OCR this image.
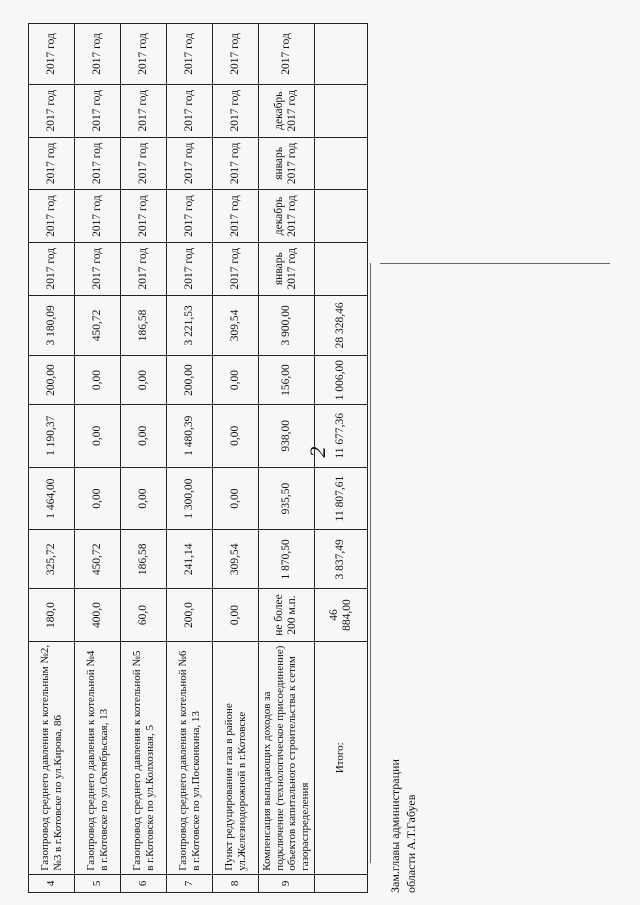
2
4	Газопровод среднего давления к котельным №2, №3 в г.Котовске по ул.Кирова, 86	180,0	325,72	1 464,00	1 190,37	200,00	3 180,09	2017 год	2017 год	2017 год	2017 год	2017 год
5	Газопровод среднего давления к котельной №4 в г.Котовске по ул.Октябрьская, 13	400,0	450,72	0,00	0,00	0,00	450,72	2017 год	2017 год	2017 год	2017 год	2017 год
6	Газопровод среднего давления к котельной №5 в г.Котовске по ул.Колхозная, 5	60,0	186,58	0,00	0,00	0,00	186,58	2017 год	2017 год	2017 год	2017 год	2017 год
7	Газопровод среднего давления к котельной №6 в г.Котовске по ул.Посконкина, 13	200,0	241,14	1 300,00	1 480,39	200,00	3 221,53	2017 год	2017 год	2017 год	2017 год	2017 год
8	Пункт редуцирования газа в районе ул.Железнодорожной в г.Котовске	0,00	309,54	0,00	0,00	0,00	309,54	2017 год	2017 год	2017 год	2017 год	2017 год
9	Компенсация выпадающих доходов за подключение (технологическое присоединение) объектов капитального строительства к сетям газораспределения	не более 200 м.п.	1 870,50	935,50	938,00	156,00	3 900,00	январь 2017 год	декабрь 2017 год	январь 2017 год	декабрь 2017 год	2017 год
	Итого:	46 884,00	3 837,49	11 807,61	11 677,36	1 006,00	28 328,46					
Зам.главы администрации области А.Т.Габуев
